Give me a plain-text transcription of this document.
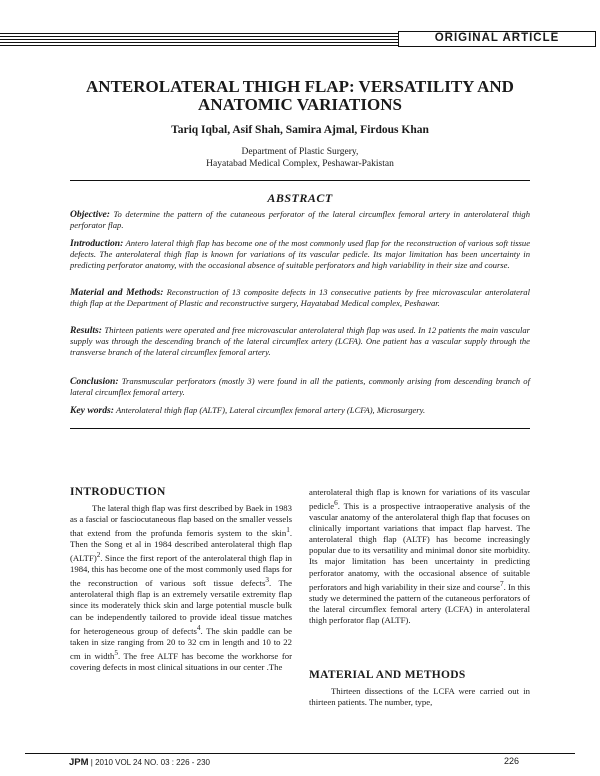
ORIGINAL ARTICLE
ANTEROLATERAL THIGH FLAP: VERSATILITY AND
ANATOMIC VARIATIONS
Tariq Iqbal, Asif Shah, Samira Ajmal, Firdous Khan
Department of Plastic Surgery,
Hayatabad Medical Complex, Peshawar-Pakistan
ABSTRACT
Objective: To determine the pattern of the cutaneous perforator of the lateral circumflex femoral artery in anterolateral thigh perforator flap.
Introduction: Antero lateral thigh flap has become one of the most commonly used flap for the reconstruction of various soft tissue defects. The anterolateral thigh flap is known for variations of its vascular pedicle. Its major limitation has been uncertainty in predicting perforator anatomy, with the occasional absence of suitable perforators and high variability in their size and course.
Material and Methods: Reconstruction of 13 composite defects in 13 consecutive patients by free microvascular anterolateral thigh flap at the Department of Plastic and reconstructive surgery, Hayatabad Medical complex, Peshawar.
Results: Thirteen patients were operated and free microvascular anterolateral thigh flap was used. In 12 patients the main vascular supply was through the descending branch of the lateral circumflex artery (LCFA). One patient has a vascular supply through the transverse branch of the lateral circumflex femoral artery.
Conclusion: Transmuscular perforators (mostly 3) were found in all the patients, commonly arising from descending branch of lateral circumflex femoral artery.
Key words: Anterolateral thigh flap (ALTF), Lateral circumflex femoral artery (LCFA), Microsurgery.
INTRODUCTION

The lateral thigh flap was first described by Baek in 1983 as a fascial or fasciocutaneous flap based on the smaller vessels that extend from the profunda femoris system to the skin$^1$. Then the Song et al in 1984 described anterolateral thigh flap (ALTF)$^2$. Since the first report of the anterolateral thigh flap in 1984, this has become one of the most commonly used flaps for the reconstruction of various soft tissue defects$^3$. The anterolateral thigh flap is an extremely versatile extremity flap since its moderately thick skin and large potential muscle bulk can be independently tailored to provide ideal tissue matches for heterogeneous group of defects$^4$. The skin paddle can be taken in size ranging from 20 to 32 cm in length and 10 to 22 cm in width$^5$. The free ALTF has become the workhorse for covering defects in most clinical situations in our center .The

anterolateral thigh flap is known for variations of its vascular pedicle$^6$. This is a prospective intraoperative analysis of the vascular anatomy of the anterolateral thigh flap that focuses on clinically important variations that impact flap harvest. The anterolateral thigh flap (ALTF) has become increasingly popular due to its versatility and minimal donor site morbidity. Its major limitation has been uncertainty in predicting perforator anatomy, with the occasional absence of suitable perforators and high variability in their size and course$^7$. In this study we determined the pattern of the cutaneous perforators of the lateral circumflex femoral artery (LCFA) in anterolateral thigh perforator flap (ALTF).

MATERIAL AND METHODS

Thirteen dissections of the LCFA were carried out in thirteen patients. The number, type,

JPM | 2010 VOL 24 NO. 03 : 226 - 230	226
